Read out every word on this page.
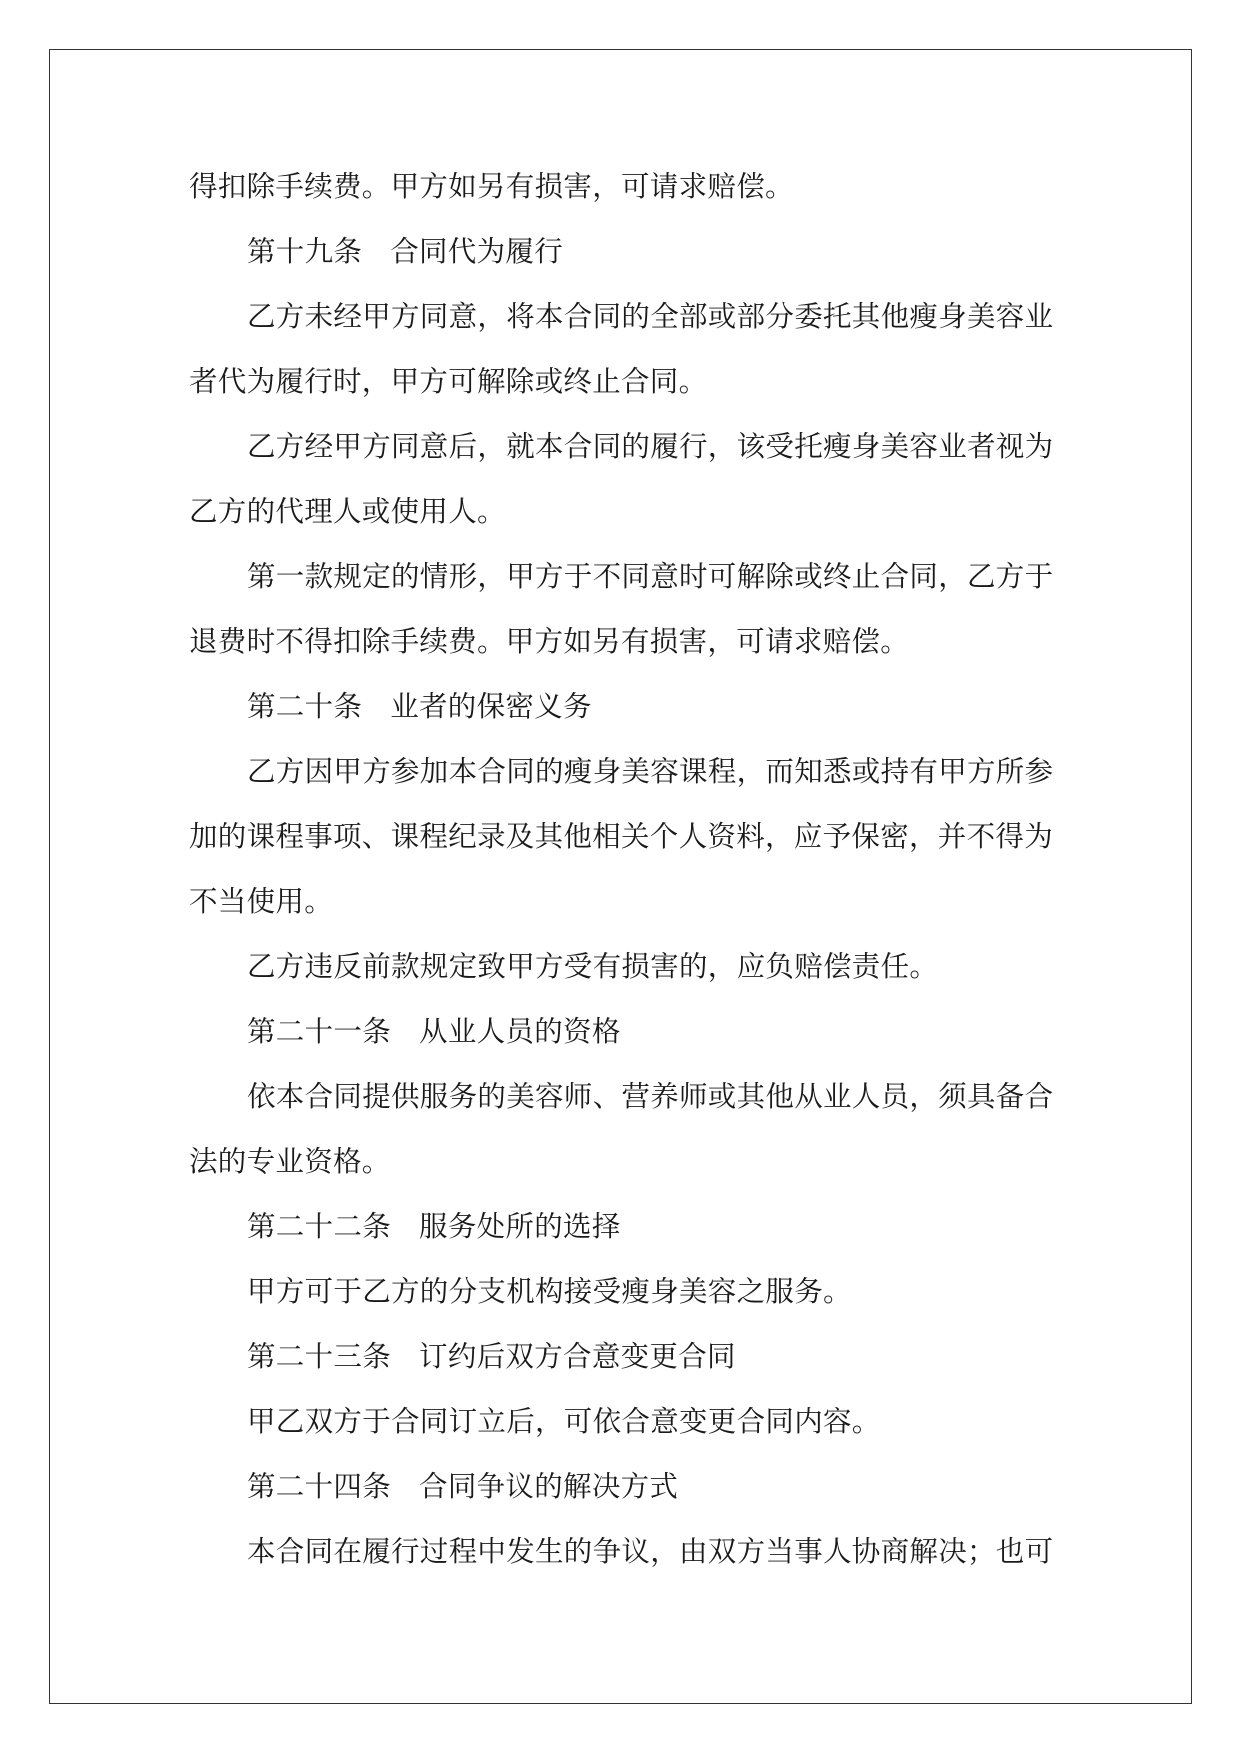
得扣除手续费。甲方如另有损害，可请求赔偿。
第十九条 合同代为履行
乙方未经甲方同意，将本合同的全部或部分委托其他瘦身美容业
者代为履行时，甲方可解除或终止合同。
乙方经甲方同意后，就本合同的履行，该受托瘦身美容业者视为
乙方的代理人或使用人。
第一款规定的情形，甲方于不同意时可解除或终止合同，乙方于
退费时不得扣除手续费。甲方如另有损害，可请求赔偿。
第二十条 业者的保密义务
乙方因甲方参加本合同的瘦身美容课程，而知悉或持有甲方所参
加的课程事项、课程纪录及其他相关个人资料，应予保密，并不得为
不当使用。
乙方违反前款规定致甲方受有损害的，应负赔偿责任。
第二十一条 从业人员的资格
依本合同提供服务的美容师、营养师或其他从业人员，须具备合
法的专业资格。
第二十二条 服务处所的选择
甲方可于乙方的分支机构接受瘦身美容之服务。
第二十三条 订约后双方合意变更合同
甲乙双方于合同订立后，可依合意变更合同内容。
第二十四条 合同争议的解决方式
本合同在履行过程中发生的争议，由双方当事人协商解决；也可
